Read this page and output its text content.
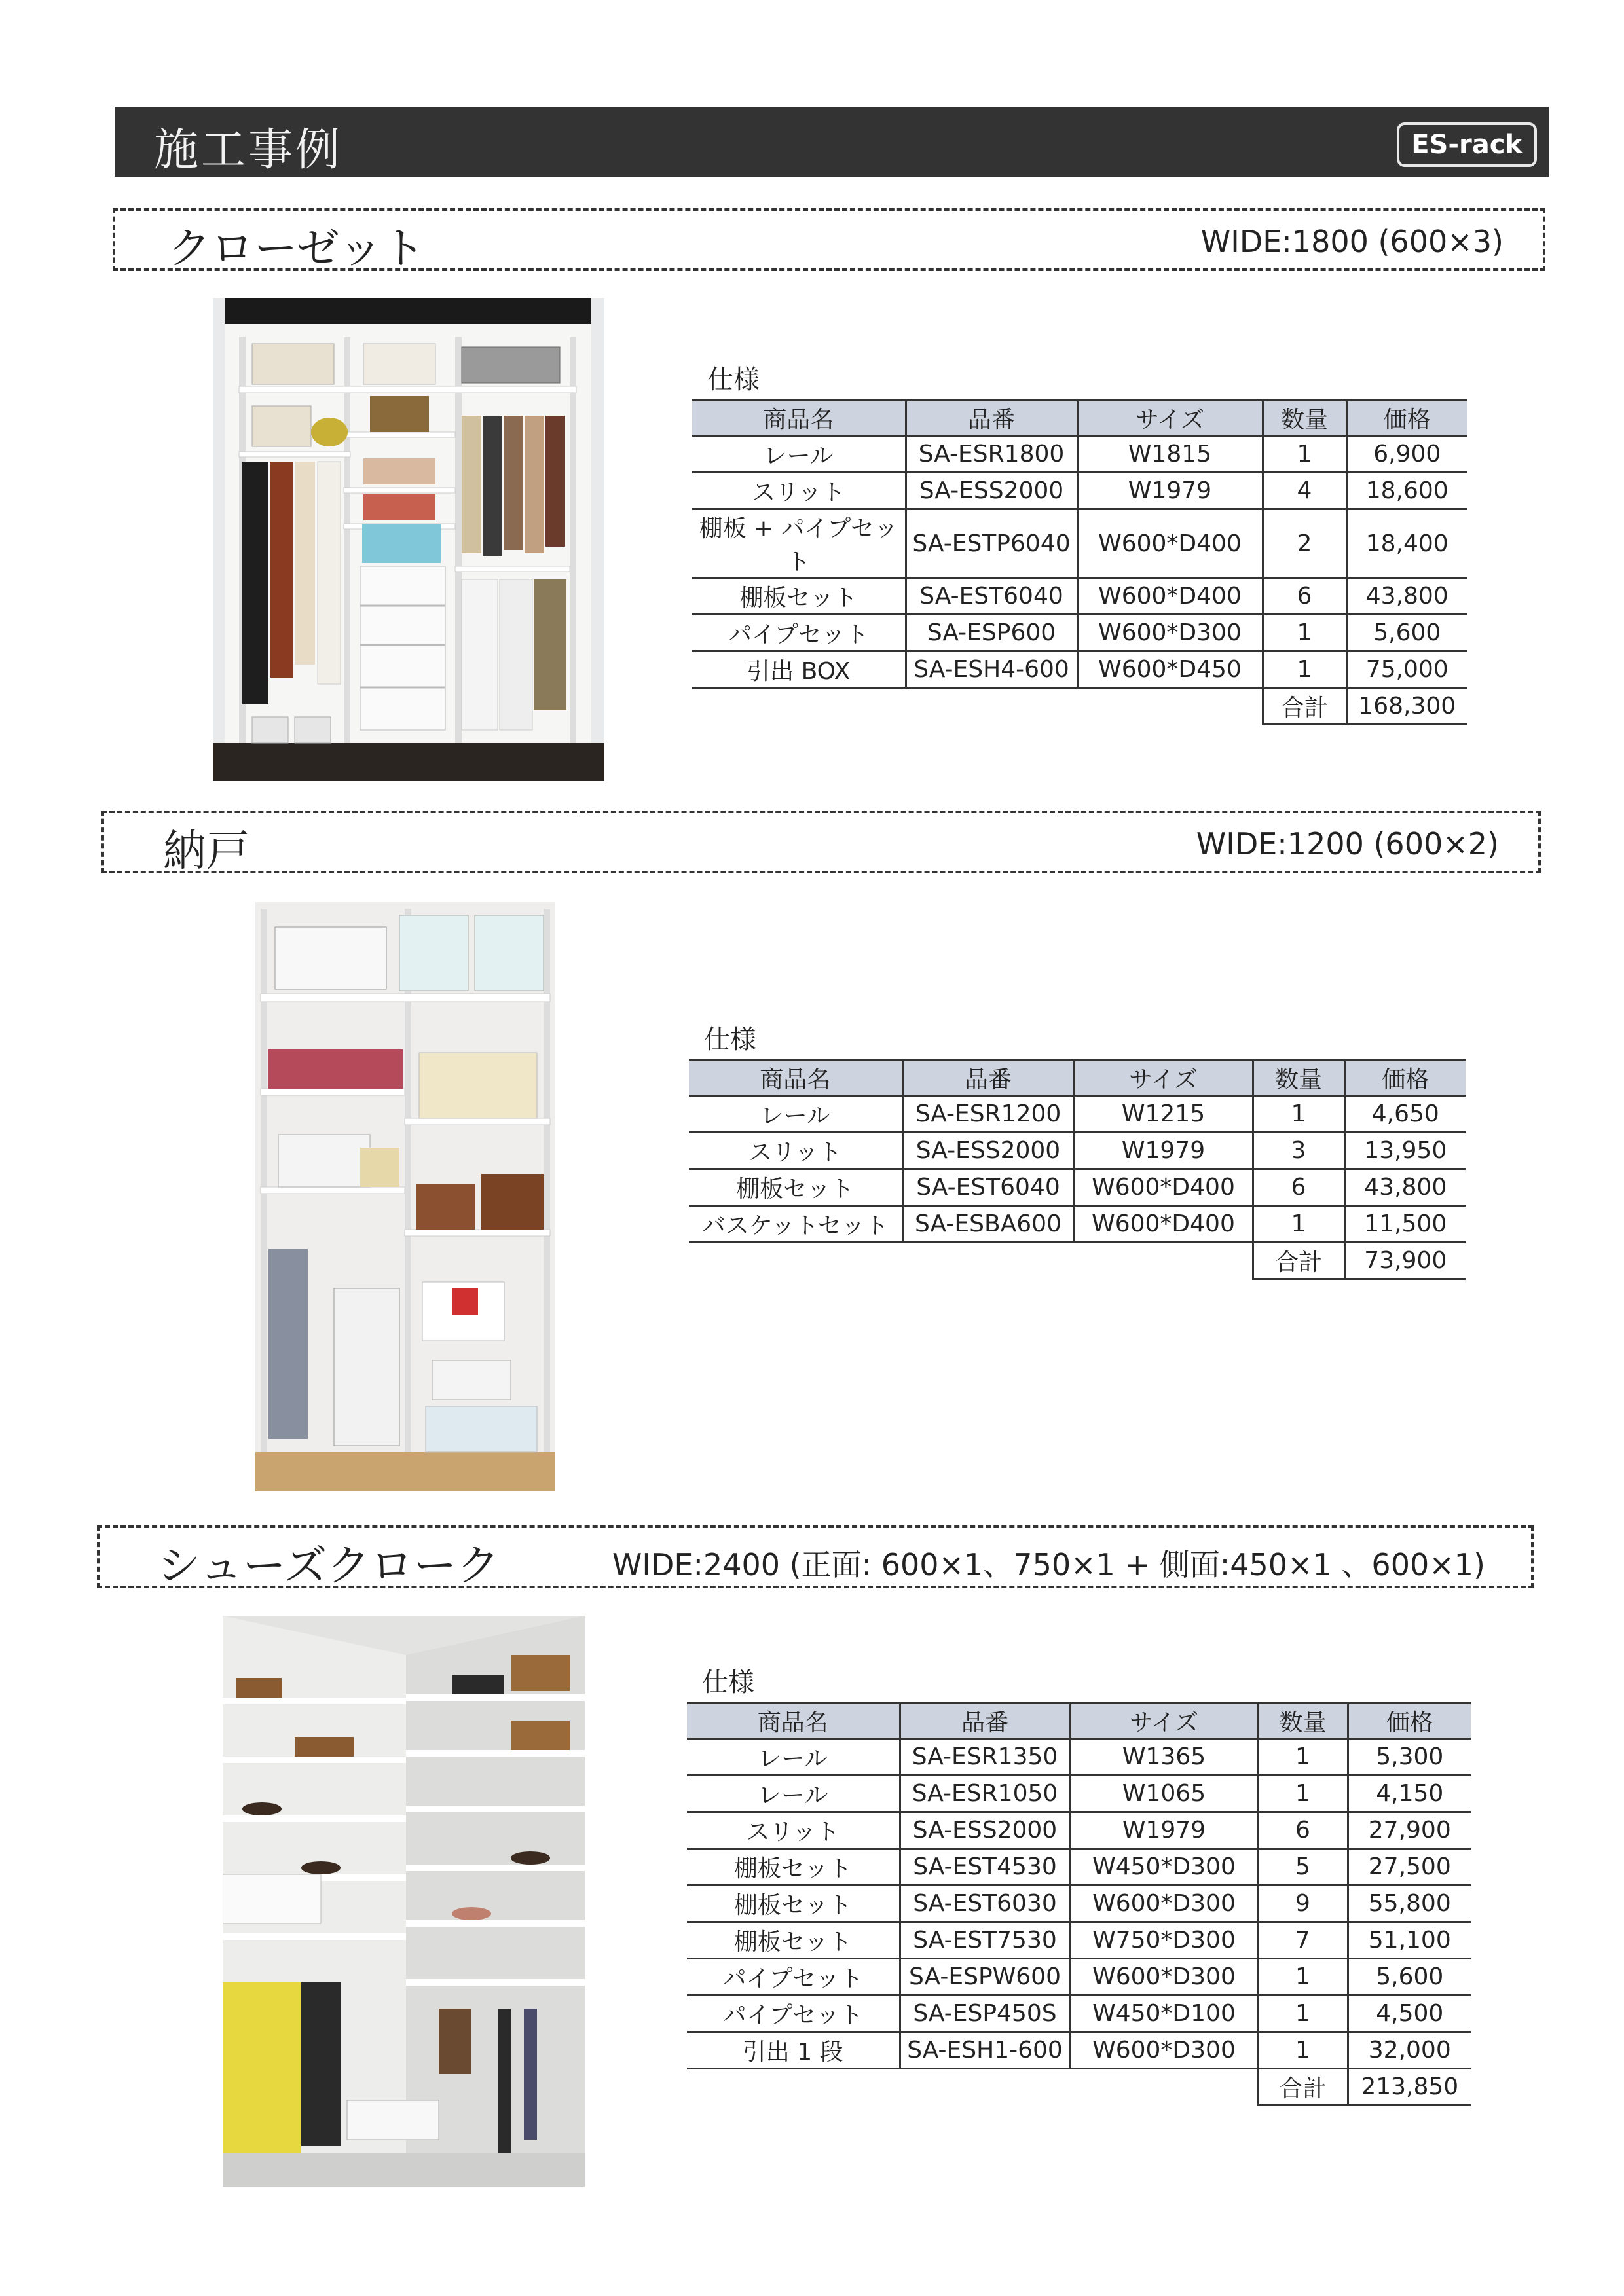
施工事例	ES-rack
クローゼット	WIDE:1800 (600×3)
仕様
商品名	品番	サイズ	数量	価格
レール	SA-ESR1800	W1815	1	6,900
スリット	SA-ESS2000	W1979	4	18,600
棚板 + パイプセット	SA-ESTP6040	W600*D400	2	18,400
棚板セット	SA-EST6040	W600*D400	6	43,800
パイプセット	SA-ESP600	W600*D300	1	5,600
引出 BOX	SA-ESH4-600	W600*D450	1	75,000
			合計	168,300
納戸	WIDE:1200 (600×2)
仕様
商品名	品番	サイズ	数量	価格
レール	SA-ESR1200	W1215	1	4,650
スリット	SA-ESS2000	W1979	3	13,950
棚板セット	SA-EST6040	W600*D400	6	43,800
バスケットセット	SA-ESBA600	W600*D400	1	11,500
			合計	73,900
シューズクローク	WIDE:2400 (正面: 600×1、750×1 + 側面:450×1 、600×1)
仕様
商品名	品番	サイズ	数量	価格
レール	SA-ESR1350	W1365	1	5,300
レール	SA-ESR1050	W1065	1	4,150
スリット	SA-ESS2000	W1979	6	27,900
棚板セット	SA-EST4530	W450*D300	5	27,500
棚板セット	SA-EST6030	W600*D300	9	55,800
棚板セット	SA-EST7530	W750*D300	7	51,100
パイプセット	SA-ESPW600	W600*D300	1	5,600
パイプセット	SA-ESP450S	W450*D100	1	4,500
引出 1 段	SA-ESH1-600	W600*D300	1	32,000
			合計	213,850
